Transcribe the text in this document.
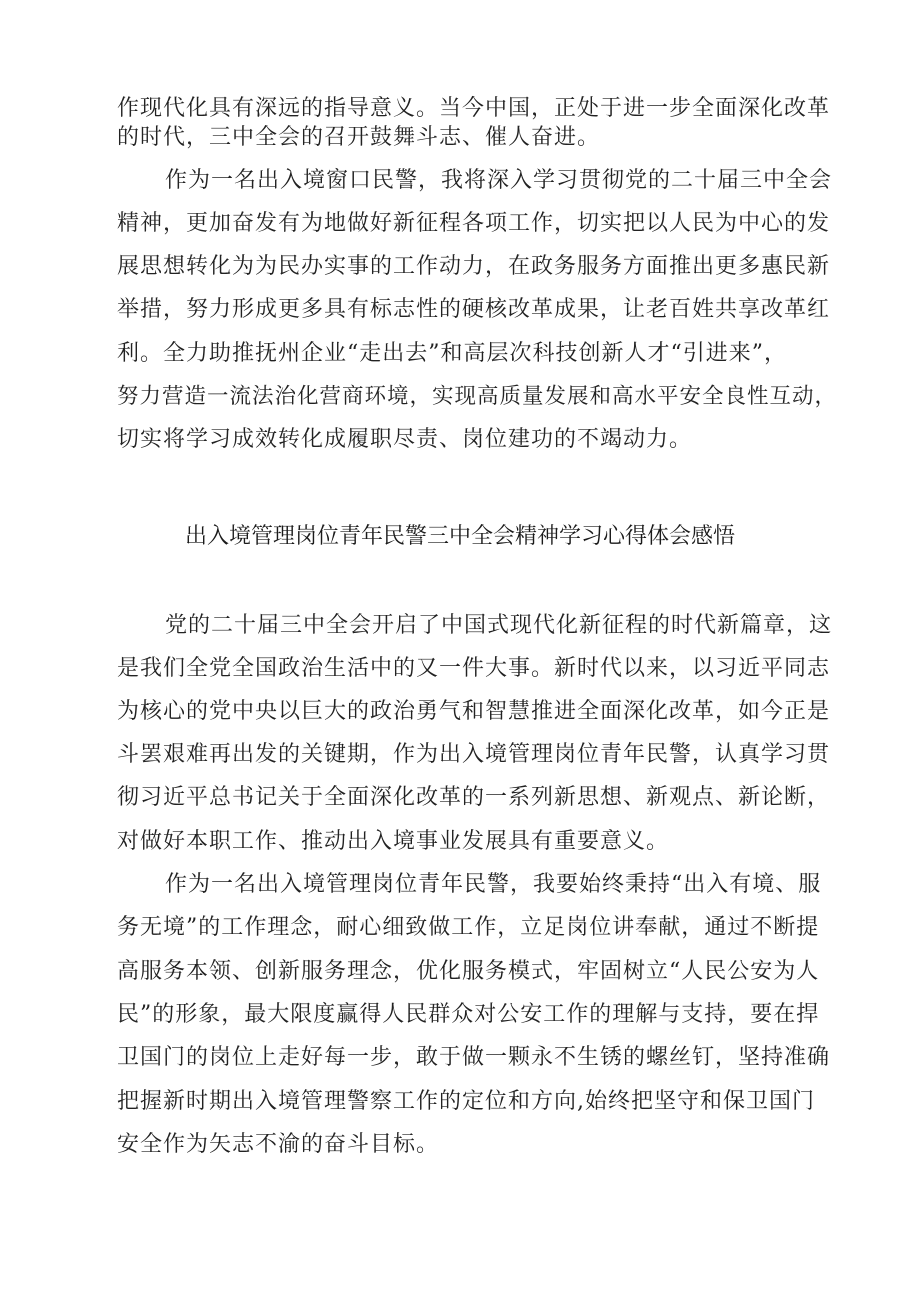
作现代化具有深远的指导意义。当今中国，正处于进一步全面深化改革
的时代，三中全会的召开鼓舞斗志、催人奋进。
作为一名出入境窗口民警，我将深入学习贯彻党的二十届三中全会
精神，更加奋发有为地做好新征程各项工作，切实把以人民为中心的发
展思想转化为为民办实事的工作动力，在政务服务方面推出更多惠民新
举措，努力形成更多具有标志性的硬核改革成果，让老百姓共享改革红
利。全力助推抚州企业“走出去”和高层次科技创新人才“引进来”，
努力营造一流法治化营商环境，实现高质量发展和高水平安全良性互动，
切实将学习成效转化成履职尽责、岗位建功的不竭动力。
出入境管理岗位青年民警三中全会精神学习心得体会感悟
党的二十届三中全会开启了中国式现代化新征程的时代新篇章，这
是我们全党全国政治生活中的又一件大事。新时代以来，以习近平同志
为核心的党中央以巨大的政治勇气和智慧推进全面深化改革，如今正是
斗罢艰难再出发的关键期，作为出入境管理岗位青年民警，认真学习贯
彻习近平总书记关于全面深化改革的一系列新思想、新观点、新论断，
对做好本职工作、推动出入境事业发展具有重要意义。
作为一名出入境管理岗位青年民警，我要始终秉持“出入有境、服
务无境”的工作理念，耐心细致做工作，立足岗位讲奉献，通过不断提
高服务本领、创新服务理念，优化服务模式，牢固树立“人民公安为人
民”的形象，最大限度赢得人民群众对公安工作的理解与支持，要在捍
卫国门的岗位上走好每一步，敢于做一颗永不生锈的螺丝钉，坚持准确
把握新时期出入境管理警察工作的定位和方向,始终把坚守和保卫国门
安全作为矢志不渝的奋斗目标。
